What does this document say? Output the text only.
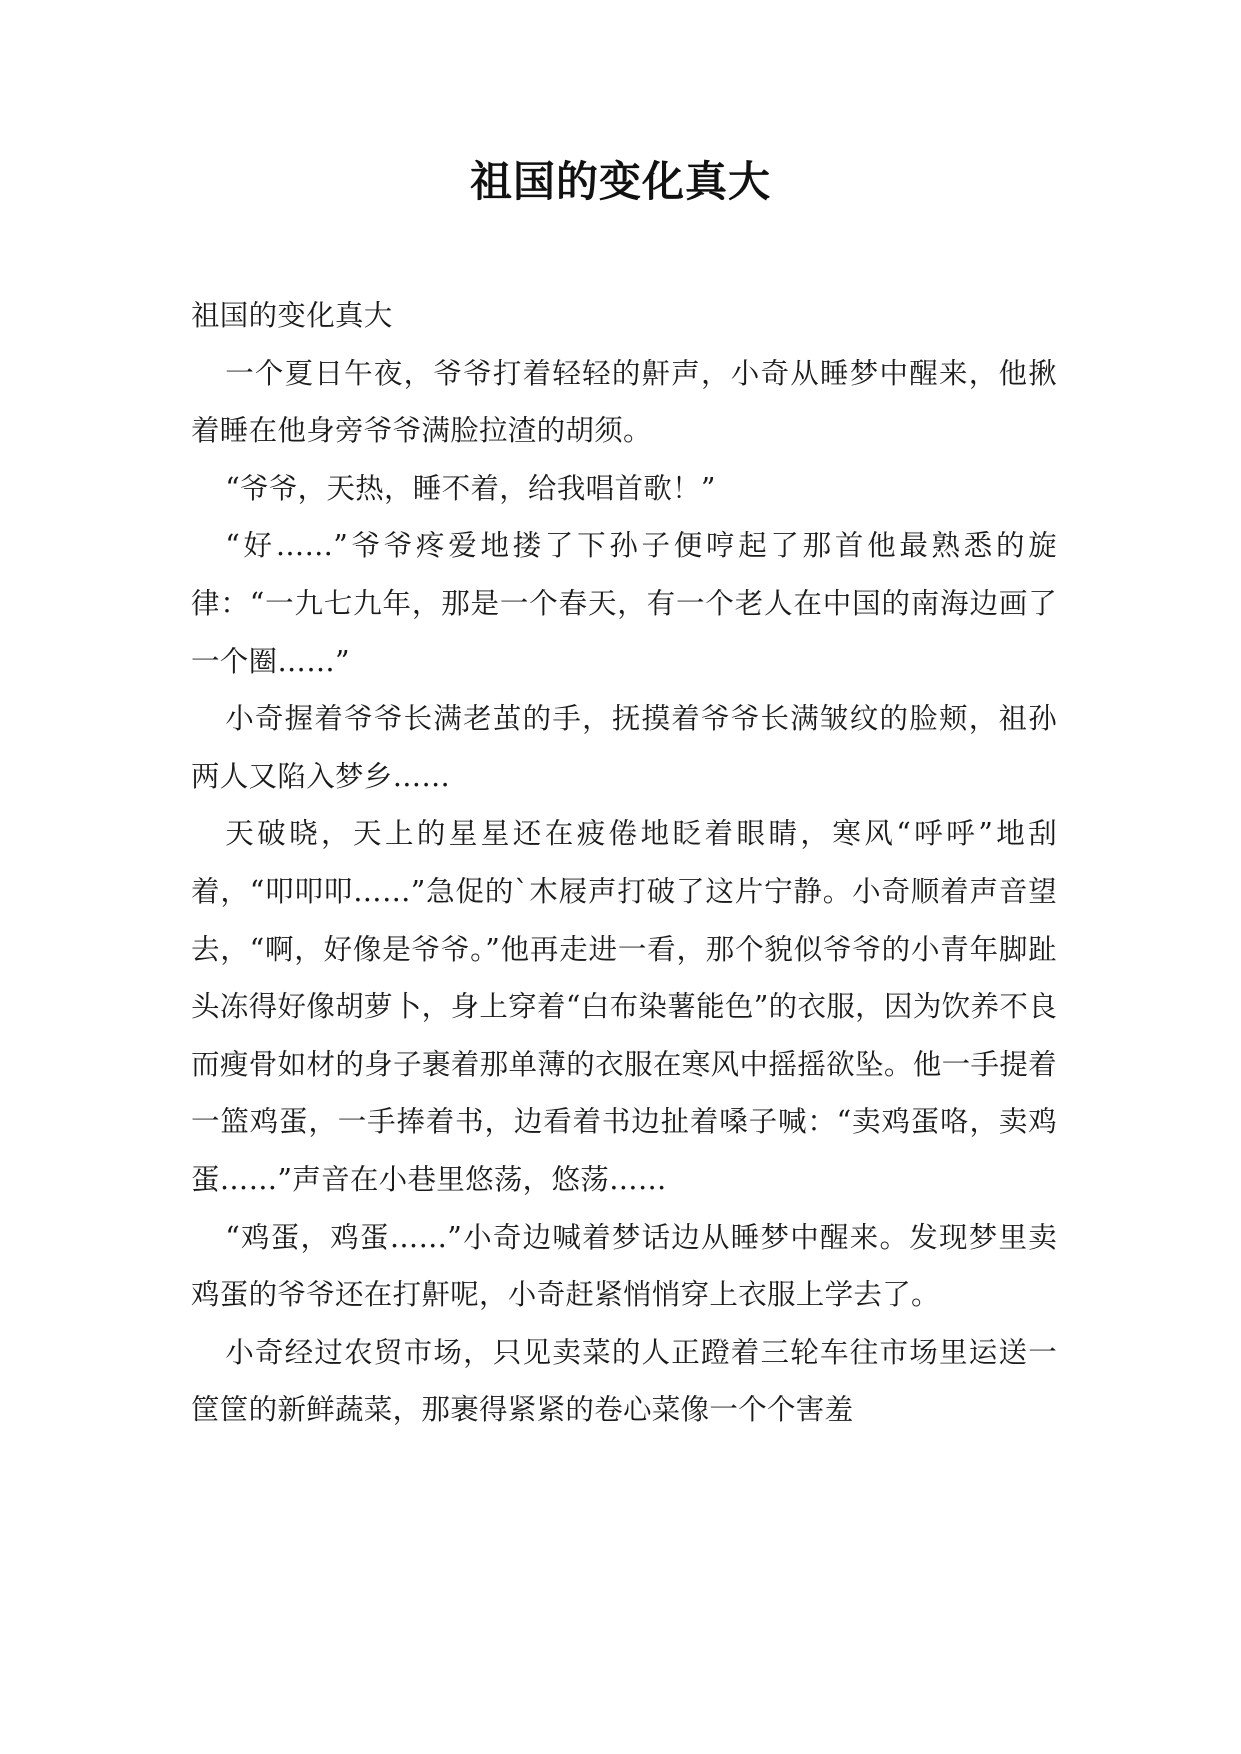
祖国的变化真大

祖国的变化真大

一个夏日午夜，爷爷打着轻轻的鼾声，小奇从睡梦中醒来，他揪着睡在他身旁爷爷满脸拉渣的胡须。

“爷爷，天热，睡不着，给我唱首歌！”

“好……”爷爷疼爱地搂了下孙子便哼起了那首他最熟悉的旋律：“一九七九年，那是一个春天，有一个老人在中国的南海边画了一个圈……”

小奇握着爷爷长满老茧的手，抚摸着爷爷长满皱纹的脸颊，祖孙两人又陷入梦乡……

天破晓，天上的星星还在疲倦地眨着眼睛，寒风“呼呼”地刮着，“叩叩叩……”急促的`木屐声打破了这片宁静。小奇顺着声音望去，“啊，好像是爷爷。”他再走进一看，那个貌似爷爷的小青年脚趾头冻得好像胡萝卜，身上穿着“白布染薯能色”的衣服，因为饮养不良而瘦骨如材的身子裹着那单薄的衣服在寒风中摇摇欲坠。他一手提着一篮鸡蛋，一手捧着书，边看着书边扯着嗓子喊：“卖鸡蛋咯，卖鸡蛋……”声音在小巷里悠荡，悠荡……

“鸡蛋，鸡蛋……”小奇边喊着梦话边从睡梦中醒来。发现梦里卖鸡蛋的爷爷还在打鼾呢，小奇赶紧悄悄穿上衣服上学去了。

小奇经过农贸市场，只见卖菜的人正蹬着三轮车往市场里运送一筐筐的新鲜蔬菜，那裹得紧紧的卷心菜像一个个害羞
